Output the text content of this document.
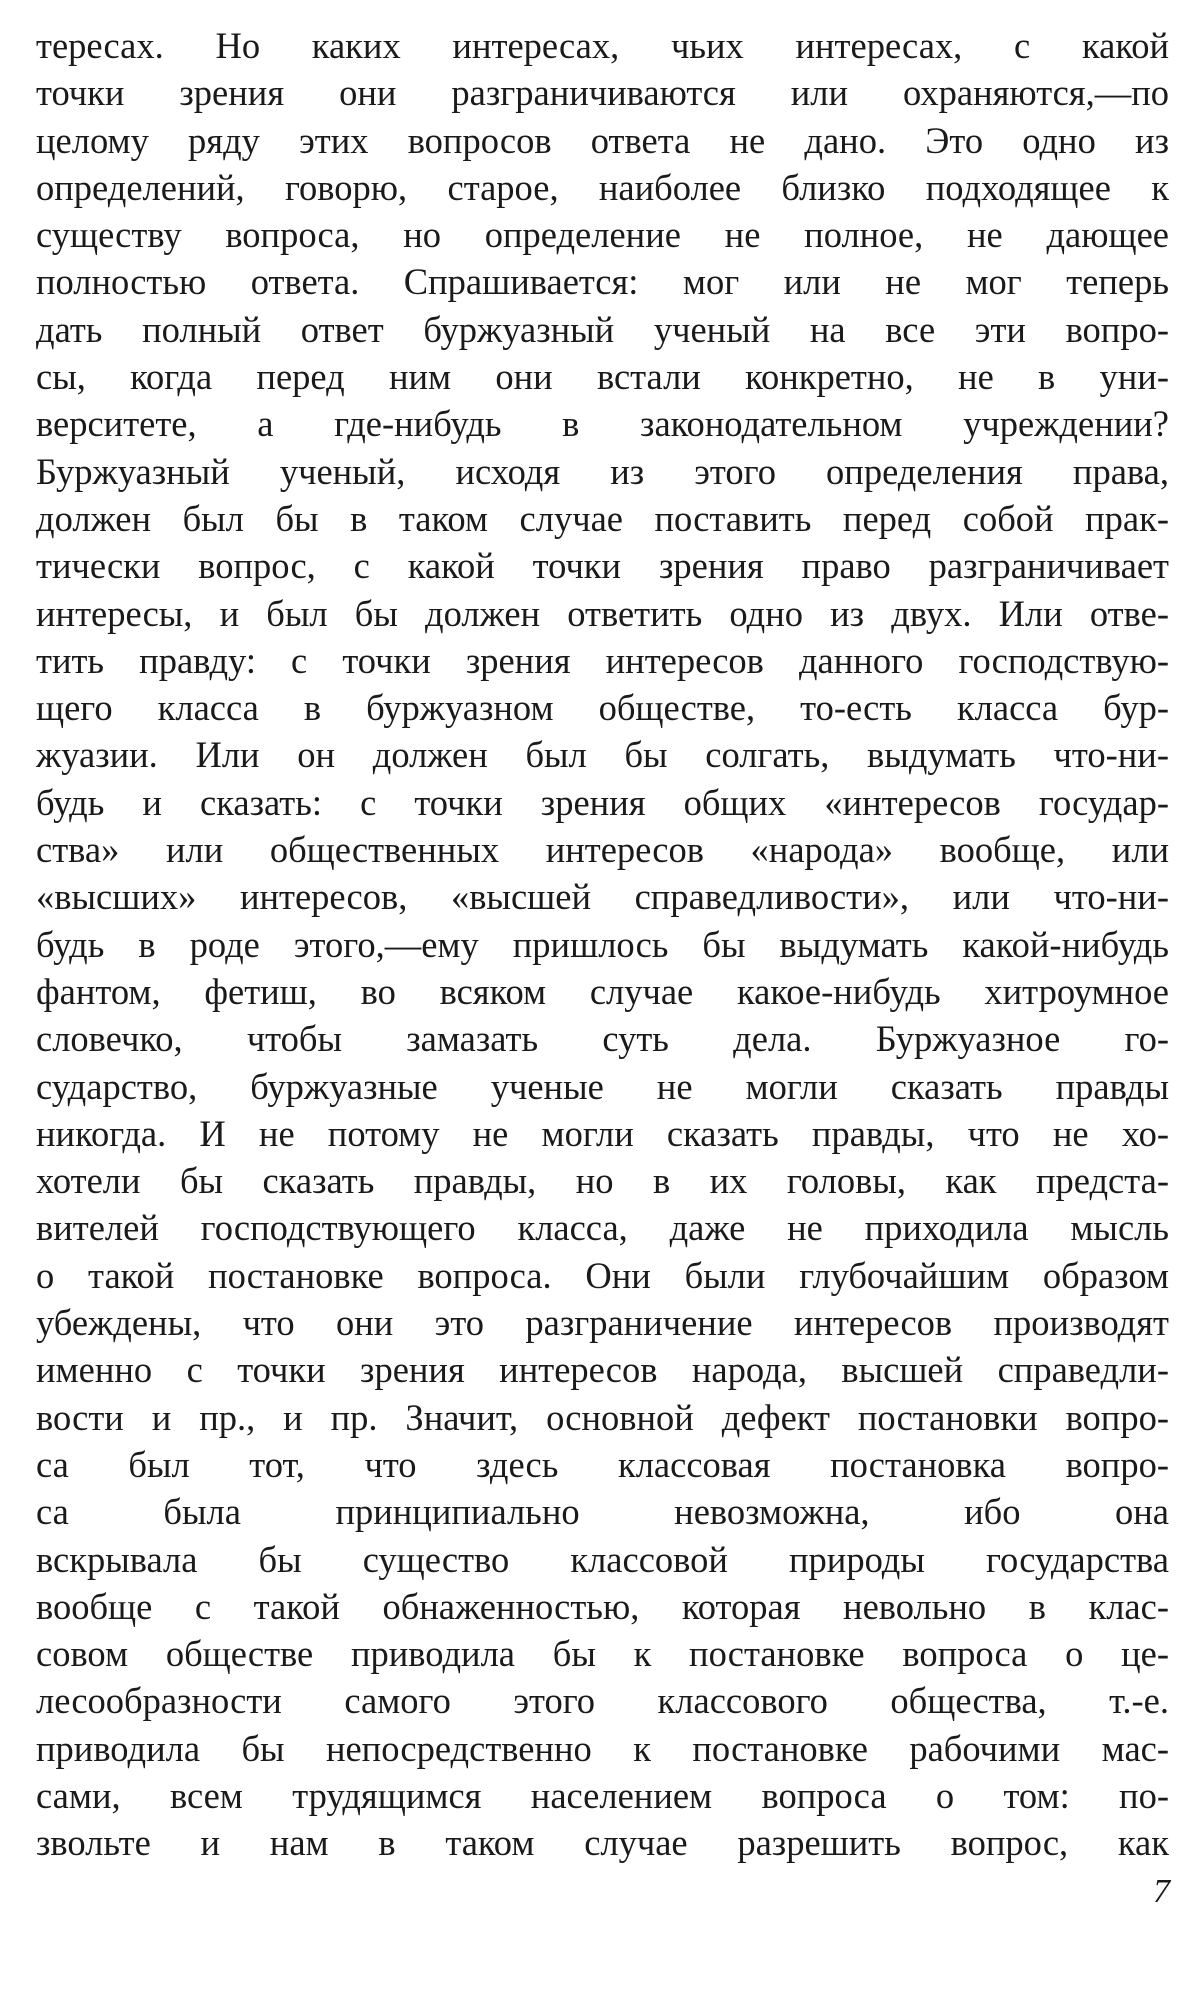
тересах. Но каких интересах, чьих интересах, с какой
точки зрения они разграничиваются или охраняются,—по
целому ряду этих вопросов ответа не дано. Это одно из
определений, говорю, старое, наиболее близко подходящее к
существу вопроса, но определение не полное, не дающее
полностью ответа. Спрашивается: мог или не мог теперь
дать полный ответ буржуазный ученый на все эти вопро-
сы, когда перед ним они встали конкретно, не в уни-
верситете, а где-нибудь в законодательном учреждении?
Буржуазный ученый, исходя из этого определения права,
должен был бы в таком случае поставить перед собой прак-
тически вопрос, с какой точки зрения право разграничивает
интересы, и был бы должен ответить одно из двух. Или отве-
тить правду: с точки зрения интересов данного господствую-
щего класса в буржуазном обществе, то-есть класса бур-
жуазии. Или он должен был бы солгать, выдумать что-ни-
будь и сказать: с точки зрения общих «интересов государ-
ства» или общественных интересов «народа» вообще, или
«высших» интересов, «высшей справедливости», или что-ни-
будь в роде этого,—ему пришлось бы выдумать какой-нибудь
фантом, фетиш, во всяком случае какое-нибудь хитроумное
словечко, чтобы замазать суть дела. Буржуазное го-
сударство, буржуазные ученые не могли сказать правды
никогда. И не потому не могли сказать правды, что не хо-
хотели бы сказать правды, но в их головы, как предста-
вителей господствующего класса, даже не приходила мысль
о такой постановке вопроса. Они были глубочайшим образом
убеждены, что они это разграничение интересов производят
именно с точки зрения интересов народа, высшей справедли-
вости и пр., и пр. Значит, основной дефект постановки вопро-
са был тот, что здесь классовая постановка вопро-
са была принципиально невозможна, ибо она
вскрывала бы существо классовой природы государства
вообще с такой обнаженностью, которая невольно в клас-
совом обществе приводила бы к постановке вопроса о це-
лесообразности самого этого классового общества, т.-е.
приводила бы непосредственно к постановке рабочими мас-
сами, всем трудящимся населением вопроса о том: по-
звольте и нам в таком случае разрешить вопрос, как
7
